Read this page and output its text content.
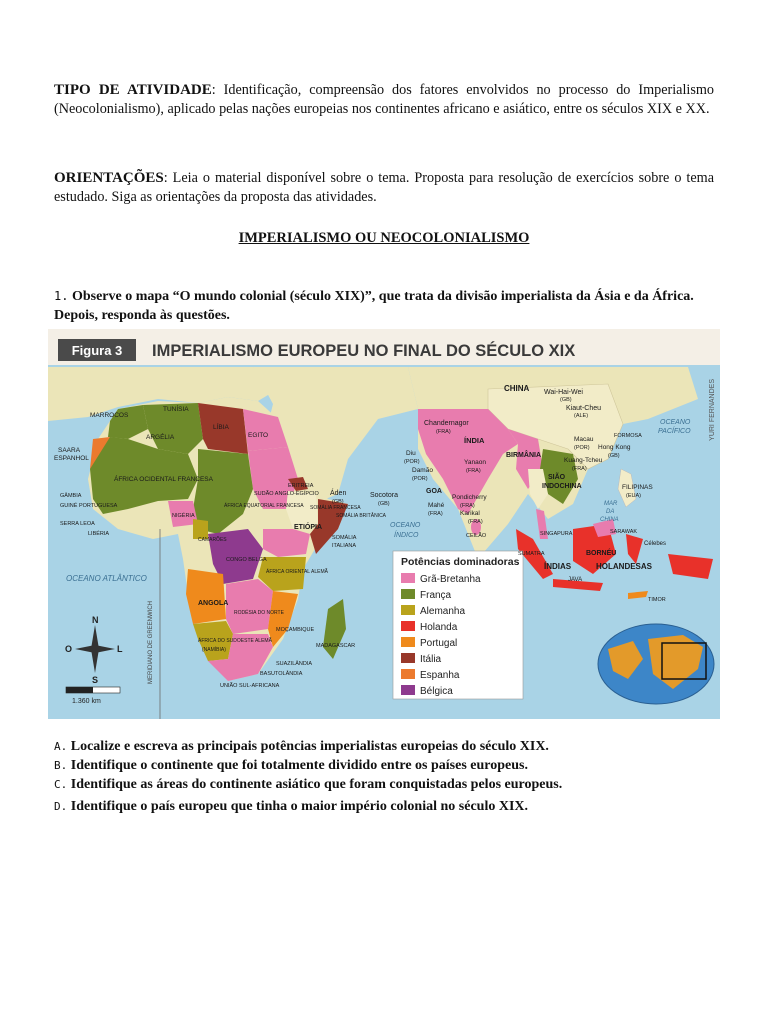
TIPO DE ATIVIDADE: Identificação, compreensão dos fatores envolvidos no processo do Imperialismo (Neocolonialismo), aplicado pelas nações europeias nos continentes africano e asiático, entre os séculos XIX e XX.
ORIENTAÇÕES: Leia o material disponível sobre o tema. Proposta para resolução de exercícios sobre o tema estudado. Siga as orientações da proposta das atividades.
IMPERIALISMO OU NEOCOLONIALISMO
1. Observe o mapa “O mundo colonial (século XIX)”, que trata da divisão imperialista da Ásia e da África. Depois, responda às questões.
Figura 3 IMPERIALISMO EUROPEU NO FINAL DO SÉCULO XIX
YURI FERNANDES
MERIDIANO DE GREENWICH
Potências dominadoras
Grã-Bretanha
França
Alemanha
Holanda
Portugal
Itália
Espanha
Bélgica
N
S
L
O
1.360 km
CHINA Wai-Hai-Wei
(GB)
Kiaut-Cheu
(ALE)
OCEANO
PACÍFICO
MARROCOS
TUNÍSIA
ARGÉLIA
LÍBIA
EGITO
SAARA
ESPANHOL
ÁFRICA OCIDENTAL FRANCESA
GÂMBIA
GUINÉ PORTUGUESA
SERRA LEOA
LIBÉRIA
NIGÉRIA
CAMARÕES
ÁFRICA EQUATORIAL FRANCESA
SUDÃO ANGLO-EGÍPCIO
ERITREIA
ETIÓPIA
SOMÁLIA
ITALIANA
SOMÁLIA FRANCESA
SOMÁLIA BRITÂNICA
Áden
(GB)
Socotora
(GB)
OCEANO
ÍNDICO
CONGO BELGA
ANGOLA
RODÉSIA DO NORTE
ÁFRICA ORIENTAL ALEMÃ
MOÇAMBIQUE
MADAGASCAR
ÁFRICA DO SUDOESTE ALEMÃ
(NAMÍBIA)
SUAZILÂNDIA
BASUTOLÂNDIA
UNIÃO SUL-AFRICANA
OCEANO ATLÂNTICO
Chandernagor
(FRA)
ÍNDIA
Diu
(POR)
Damão
(POR)
Yanaon
(FRA)
GOA
Pondicherry
(FRA)
Mahé
(FRA)	Karikal
(FRA)
CEILÃO
BIRMÂNIA
Macau
(POR) Hong Kong
(GB)
FORMOSA
Kuang-Tcheu
(FRA)
SIÃO
INDOCHINA	FILIPINAS
(EUA)
MAR
DA
CHINA
SINGAPURA	SARAWAK
BORNÉU
Célebes
SUMATRA
ÍNDIAS	HOLANDESAS
JAVA
TIMOR
A. Localize e escreva as principais potências imperialistas europeias do século XIX.
B. Identifique o continente que foi totalmente dividido entre os países europeus.
C. Identifique as áreas do continente asiático que foram conquistadas pelos europeus.
D. Identifique o país europeu que tinha o maior império colonial no século XIX.
